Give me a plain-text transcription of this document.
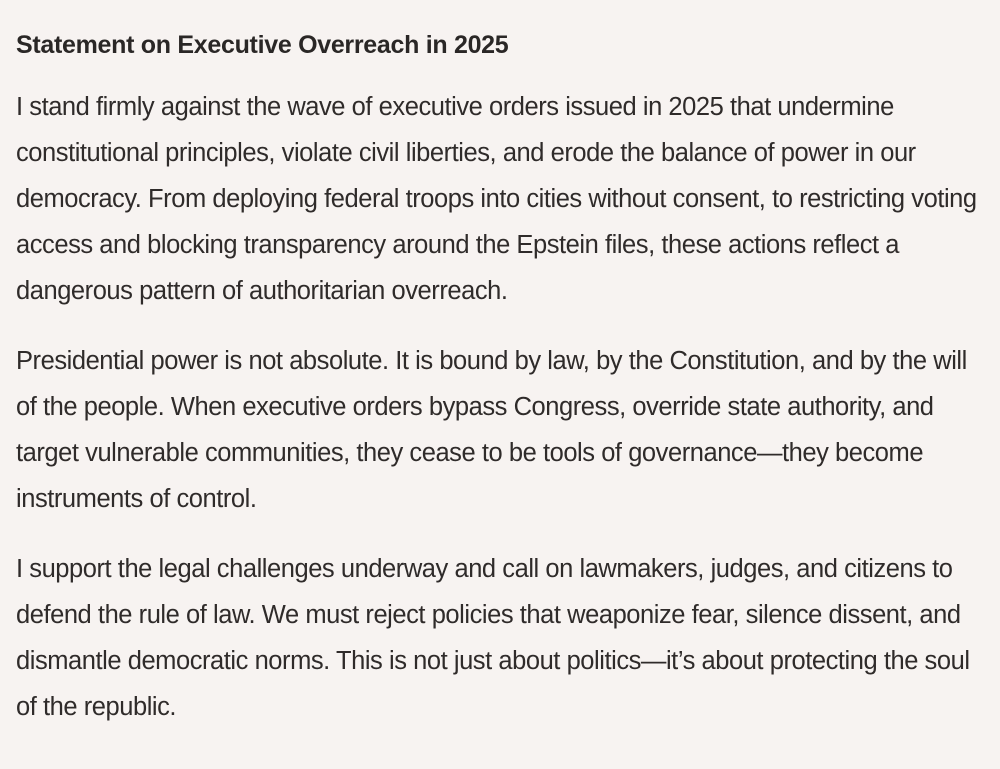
Statement on Executive Overreach in 2025

I stand firmly against the wave of executive orders issued in 2025 that undermine constitutional principles, violate civil liberties, and erode the balance of power in our democracy. From deploying federal troops into cities without consent, to restricting voting access and blocking transparency around the Epstein files, these actions reflect a dangerous pattern of authoritarian overreach.

Presidential power is not absolute. It is bound by law, by the Constitution, and by the will of the people. When executive orders bypass Congress, override state authority, and target vulnerable communities, they cease to be tools of governance—they become instruments of control.

I support the legal challenges underway and call on lawmakers, judges, and citizens to defend the rule of law. We must reject policies that weaponize fear, silence dissent, and dismantle democratic norms. This is not just about politics—it’s about protecting the soul of the republic.
